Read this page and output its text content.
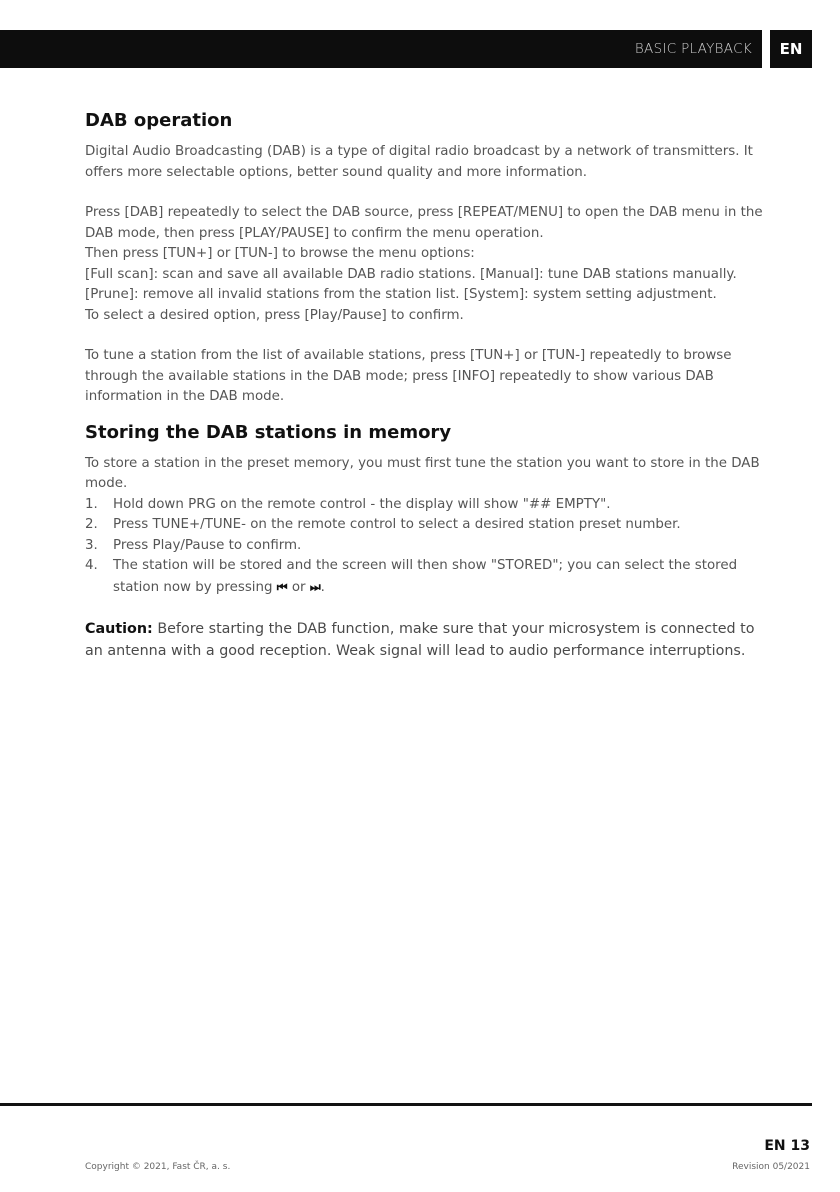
BASIC PLAYBACK	EN
DAB operation

Digital Audio Broadcasting (DAB) is a type of digital radio broadcast by a network of transmitters. It offers more selectable options, better sound quality and more information.

Press [DAB] repeatedly to select the DAB source, press [REPEAT/MENU] to open the DAB menu in the DAB mode, then press [PLAY/PAUSE] to confirm the menu operation.

Then press [TUN+] or [TUN-] to browse the menu options:

[Full scan]: scan and save all available DAB radio stations. [Manual]: tune DAB stations manually.

[Prune]: remove all invalid stations from the station list. [System]: system setting adjustment.

To select a desired option, press [Play/Pause] to confirm.

To tune a station from the list of available stations, press [TUN+] or [TUN-] repeatedly to browse through the available stations in the DAB mode; press [INFO] repeatedly to show various DAB information in the DAB mode.

Storing the DAB stations in memory

To store a station in the preset memory, you must first tune the station you want to store in the DAB mode.

1. Hold down PRG on the remote control - the display will show "## EMPTY".
2. Press TUNE+/TUNE- on the remote control to select a desired station preset number.
3. Press Play/Pause to confirm.
4. The station will be stored and the screen will then show "STORED"; you can select the stored station now by pressing ⏮ or ⏭.

Caution: Before starting the DAB function, make sure that your microsystem is connected to an antenna with a good reception. Weak signal will lead to audio performance interruptions.

EN 13
Copyright © 2021, Fast ČR, a. s.	Revision 05/2021
